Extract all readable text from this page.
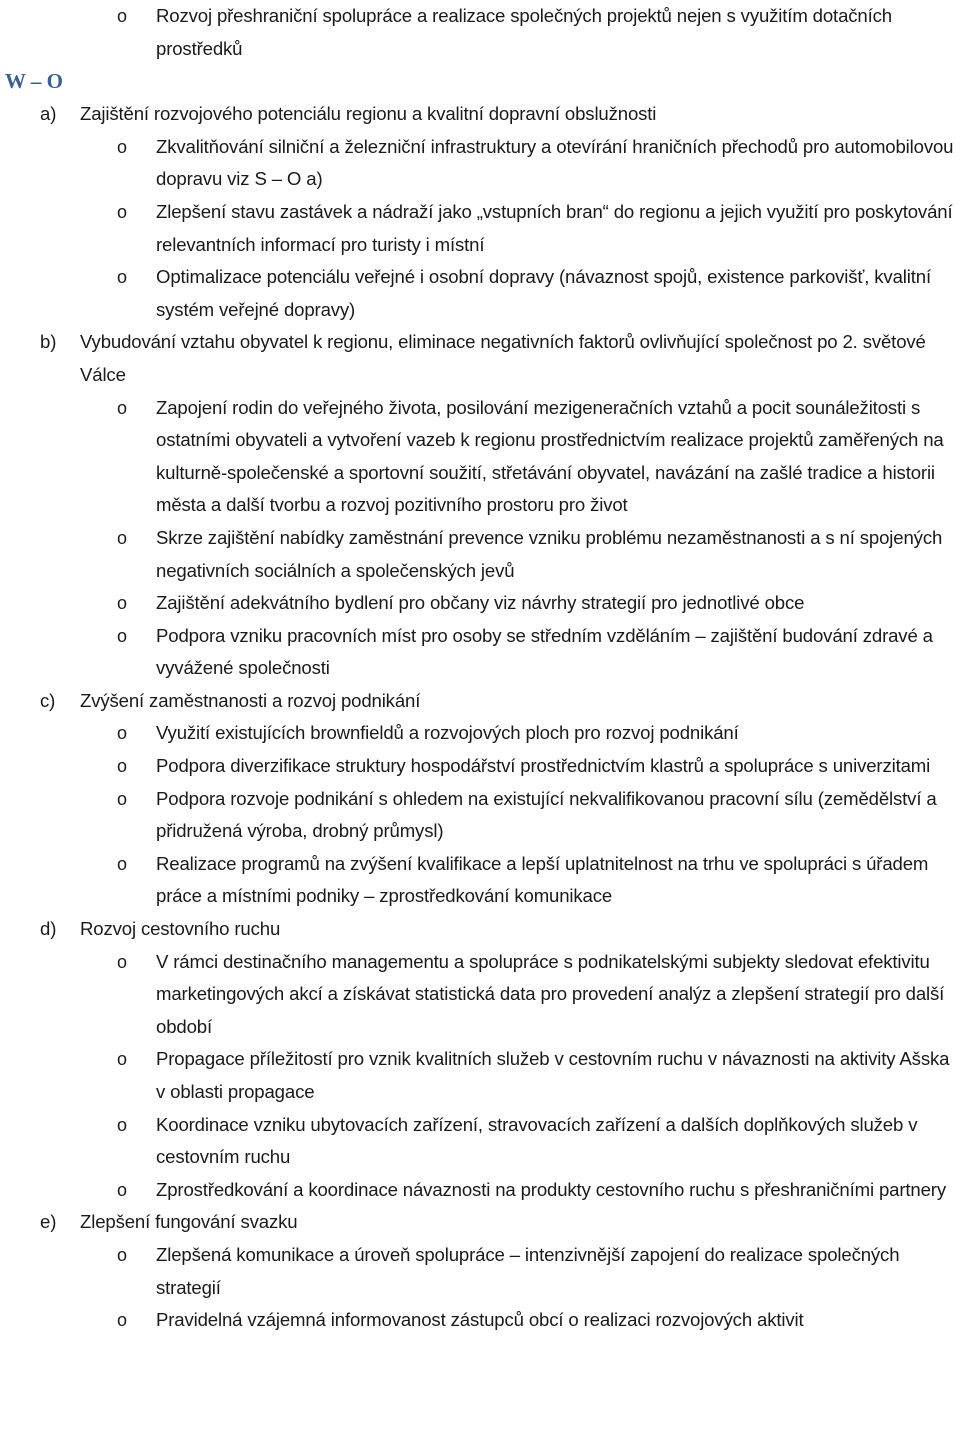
o Rozvoj přeshraniční spolupráce a realizace společných projektů nejen s využitím dotačních prostředků
W – O
a) Zajištění rozvojového potenciálu regionu a kvalitní dopravní obslužnosti
o Zkvalitňování silniční a železniční infrastruktury a otevírání hraničních přechodů pro automobilovou dopravu viz S – O a)
o Zlepšení stavu zastávek a nádraží jako „vstupních bran“ do regionu a jejich využití pro poskytování relevantních informací pro turisty i místní
o Optimalizace potenciálu veřejné i osobní dopravy (návaznost spojů, existence parkovišť, kvalitní systém veřejné dopravy)
b) Vybudování vztahu obyvatel k regionu, eliminace negativních faktorů ovlivňující společnost po 2. světové Válce
o Zapojení rodin do veřejného života, posilování mezigeneračních vztahů a pocit sounáležitosti s ostatními obyvateli a vytvoření vazeb k regionu prostřednictvím realizace projektů zaměřených na kulturně-společenské a sportovní soužití, střetávání obyvatel, navázání na zašlé tradice a historii města a další tvorbu a rozvoj pozitivního prostoru pro život
o Skrze zajištění nabídky zaměstnání prevence vzniku problému nezaměstnanosti a s ní spojených negativních sociálních a společenských jevů
o Zajištění adekvátního bydlení pro občany viz návrhy strategií pro jednotlivé obce
o Podpora vzniku pracovních míst pro osoby se středním vzděláním – zajištění budování zdravé a vyvážené společnosti
c) Zvýšení zaměstnanosti a rozvoj podnikání
o Využití existujících brownfieldů a rozvojových ploch pro rozvoj podnikání
o Podpora diverzifikace struktury hospodářství prostřednictvím klastrů a spolupráce s univerzitami
o Podpora rozvoje podnikání s ohledem na existující nekvalifikovanou pracovní sílu (zemědělství a přidružená výroba, drobný průmysl)
o Realizace programů na zvýšení kvalifikace a lepší uplatnitelnost na trhu ve spolupráci s úřadem práce a místními podniky – zprostředkování komunikace
d) Rozvoj cestovního ruchu
o V rámci destinačního managementu a spolupráce s podnikatelskými subjekty sledovat efektivitu marketingových akcí a získávat statistická data pro provedení analýz a zlepšení strategií pro další období
o Propagace příležitostí pro vznik kvalitních služeb v cestovním ruchu v návaznosti na aktivity Ašska v oblasti propagace
o Koordinace vzniku ubytovacích zařízení, stravovacích zařízení a dalších doplňkových služeb v cestovním ruchu
o Zprostředkování a koordinace návaznosti na produkty cestovního ruchu s přeshraničními partnery
e) Zlepšení fungování svazku
o Zlepšená komunikace a úroveň spolupráce – intenzivnější zapojení do realizace společných strategií
o Pravidelná vzájemná informovanost zástupců obcí o realizaci rozvojových aktivit
